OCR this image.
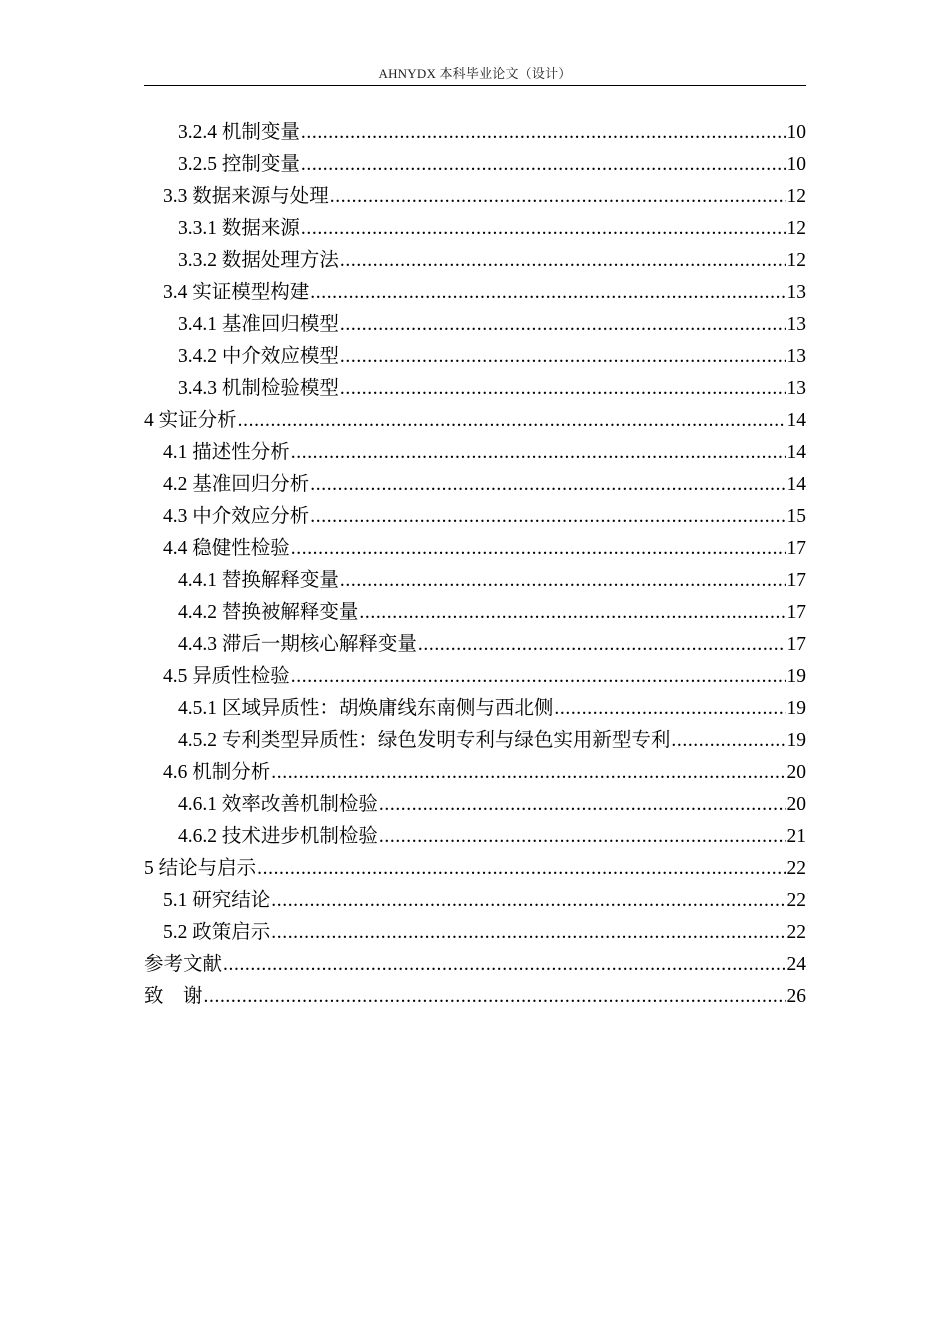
AHNYDX 本科毕业论文（设计）
3.2.4 机制变量 .....	10
3.2.5 控制变量 .....	10
3.3 数据来源与处理 .....	12
3.3.1 数据来源 .....	12
3.3.2 数据处理方法 .....	12
3.4 实证模型构建 .....	13
3.4.1 基准回归模型 .....	13
3.4.2 中介效应模型 .....	13
3.4.3 机制检验模型 .....	13
4 实证分析 .....	14
4.1 描述性分析 .....	14
4.2 基准回归分析 .....	14
4.3 中介效应分析 .....	15
4.4 稳健性检验 .....	17
4.4.1 替换解释变量 .....	17
4.4.2 替换被解释变量 .....	17
4.4.3 滞后一期核心解释变量 .....	17
4.5 异质性检验 .....	19
4.5.1 区域异质性：胡焕庸线东南侧与西北侧 .....	19
4.5.2 专利类型异质性：绿色发明专利与绿色实用新型专利 .....	19
4.6 机制分析 .....	20
4.6.1 效率改善机制检验 .....	20
4.6.2 技术进步机制检验 .....	21
5 结论与启示 .....	22
5.1 研究结论 .....	22
5.2 政策启示 .....	22
参考文献 .....	24
致　谢 .....	26
